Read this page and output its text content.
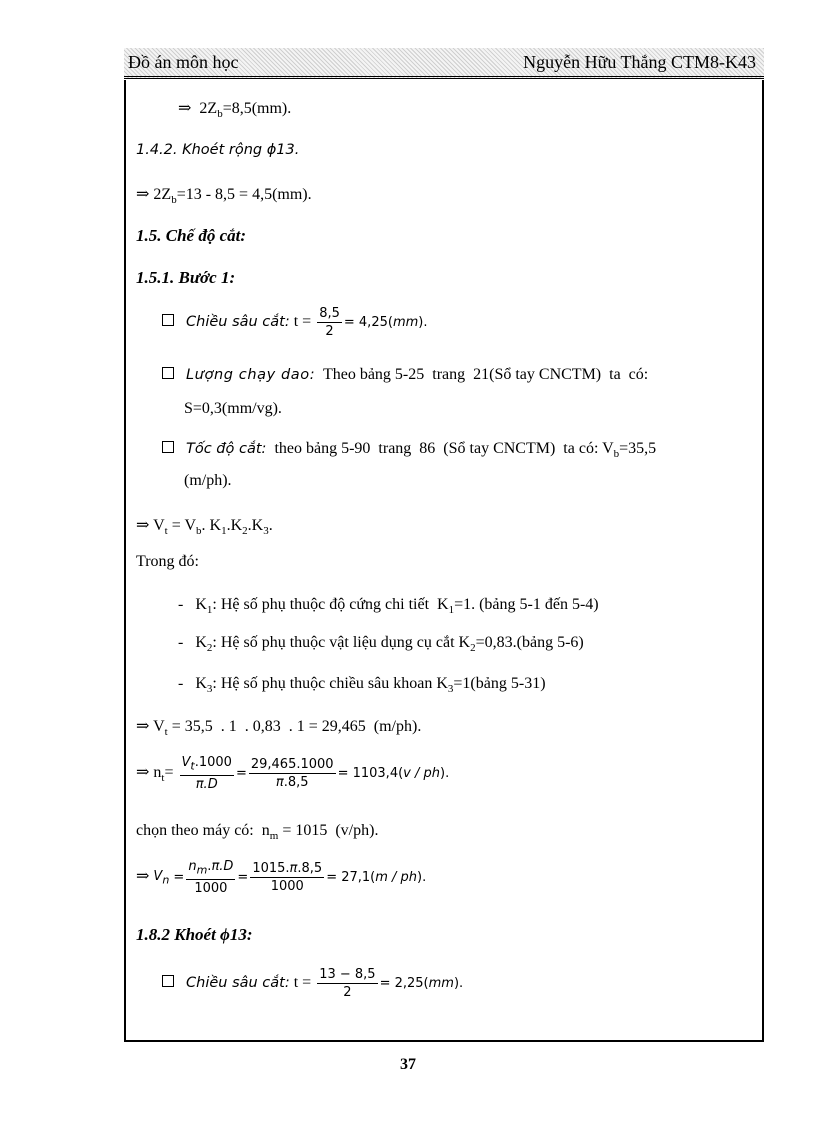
Đồ án môn học	Nguyễn Hữu Thắng CTM8-K43
⇒  $2Z_b=8,5(mm)$.
1.4.2. Khoét rộng ϕ13.
⇒ $2Z_b=13 - 8,5 = 4,5(mm)$.
1.5. Chế độ cắt:
1.5.1. Bước 1:
Chiều sâu cắt: $t = \frac{8,5}{2} = 4,25(mm)$.
Lượng chạy dao:  Theo bảng 5-25  trang  21(Sổ tay CNCTM)  ta  có:
S=0,3(mm/vg).
Tốc độ cắt:  theo bảng 5-90  trang  86  (Sổ tay CNCTM)  ta có: $V_b=35,5$
(m/ph).
⇒ $V_t = V_b$. $K_1.K_2.K_3$.
Trong đó:
-   $K_1$: Hệ số phụ thuộc độ cứng chi tiết  $K_1=1$. (bảng 5-1 đến 5-4)
-   $K_2$: Hệ số phụ thuộc vật liệu dụng cụ cắt $K_2=0,83.(bảng$ 5-6)
-   $K_3$: Hệ số phụ thuộc chiều sâu khoan $K_3=1(bảng$ 5-31)
⇒ $V_t = 35,5$  . 1  . 0,83  . 1 = 29,465  (m/ph).
⇒ $n_t= \frac{V_t.1000}{\pi.D} = \frac{29,465.1000}{\pi.8,5} = 1103,4(v / ph)$.
chọn theo máy có:  $n_m = 1015$  (v/ph).
⇒ $V_n = \frac{n_m.\pi.D}{1000} = \frac{1015.\pi.8,5}{1000} = 27,1(m / ph)$.
1.8.2 Khoét ϕ13:
Chiều sâu cắt: $t = \frac{13 - 8,5}{2} = 2,25(mm)$.
37
